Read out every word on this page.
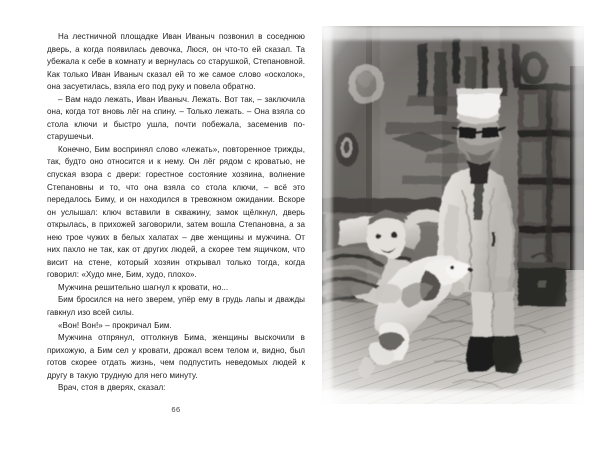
На лестничной площадке Иван Иваныч позвонил в соседнюю дверь, а когда появилась девочка, Люся, он что-то ей сказал. Та убежала к себе в комнату и вернулась со старушкой, Степановной. Как только Иван Иваныч сказал ей то же самое слово «осколок», она засуетилась, взяла его под руку и повела обратно.

– Вам надо лежать, Иван Иваныч. Лежать. Вот так, – заключила она, когда тот вновь лёг на спину. – Только лежать. – Она взяла со стола ключи и быстро ушла, почти побежала, засеменив по-старушечьи.

Конечно, Бим воспринял слово «лежать», повторенное трижды, так, будто оно относится и к нему. Он лёг рядом с кроватью, не спуская взора с двери: горестное состояние хозяина, волнение Степановны и то, что она взяла со стола ключи, – всё это передалось Биму, и он находился в тревожном ожидании. Вскоре он услышал: ключ вставили в скважину, замок щёлкнул, дверь открылась, в прихожей заговорили, затем вошла Степановна, а за нею трое чужих в белых халатах – две женщины и мужчина. От них пахло не так, как от других людей, а скорее тем ящичком, что висит на стене, который хозяин открывал только тогда, когда говорил: «Худо мне, Бим, худо, плохо».

Мужчина решительно шагнул к кровати, но...

Бим бросился на него зверем, упёр ему в грудь лапы и дважды гавкнул изо всей силы.

«Вон! Вон!» – прокричал Бим.

Мужчина отпрянул, оттолкнув Бима, женщины выскочили в прихожую, а Бим сел у кровати, дрожал всем телом и, видно, был готов скорее отдать жизнь, чем подпустить неведомых людей к другу в такую трудную для него минуту.

Врач, стоя в дверях, сказал:

66
